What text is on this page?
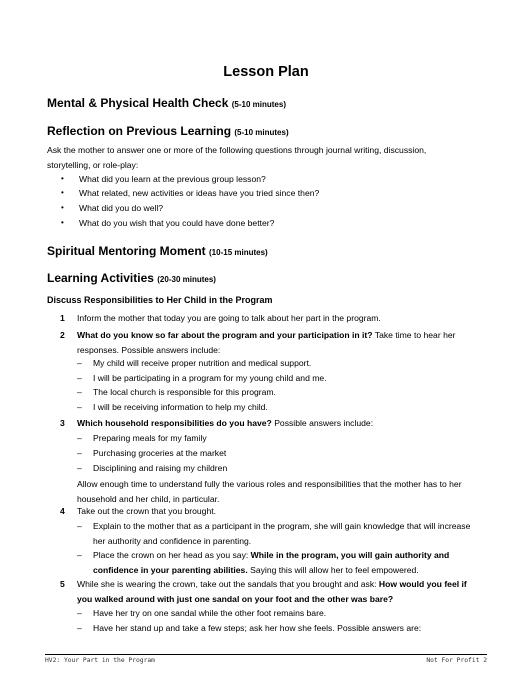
Lesson Plan
Mental & Physical Health Check (5-10 minutes)
Reflection on Previous Learning (5-10 minutes)
Ask the mother to answer one or more of the following questions through journal writing, discussion,
storytelling, or role-play:
• What did you learn at the previous group lesson?
• What related, new activities or ideas have you tried since then?
• What did you do well?
• What do you wish that you could have done better?
Spiritual Mentoring Moment (10-15 minutes)
Learning Activities (20-30 minutes)
Discuss Responsibilities to Her Child in the Program
1 Inform the mother that today you are going to talk about her part in the program.
2 What do you know so far about the program and your participation in it? Take time to hear her
responses. Possible answers include:
– My child will receive proper nutrition and medical support.
– I will be participating in a program for my young child and me.
– The local church is responsible for this program.
– I will be receiving information to help my child.
3 Which household responsibilities do you have? Possible answers include:
– Preparing meals for my family
– Purchasing groceries at the market
– Disciplining and raising my children
Allow enough time to understand fully the various roles and responsibilities that the mother has to her
household and her child, in particular.
4 Take out the crown that you brought.
– Explain to the mother that as a participant in the program, she will gain knowledge that will increase
her authority and confidence in parenting.
– Place the crown on her head as you say: While in the program, you will gain authority and
confidence in your parenting abilities. Saying this will allow her to feel empowered.
5 While she is wearing the crown, take out the sandals that you brought and ask: How would you feel if
you walked around with just one sandal on your foot and the other was bare?
– Have her try on one sandal while the other foot remains bare.
– Have her stand up and take a few steps; ask her how she feels. Possible answers are:
HV2: Your Part in the Program	Not For Profit 2
